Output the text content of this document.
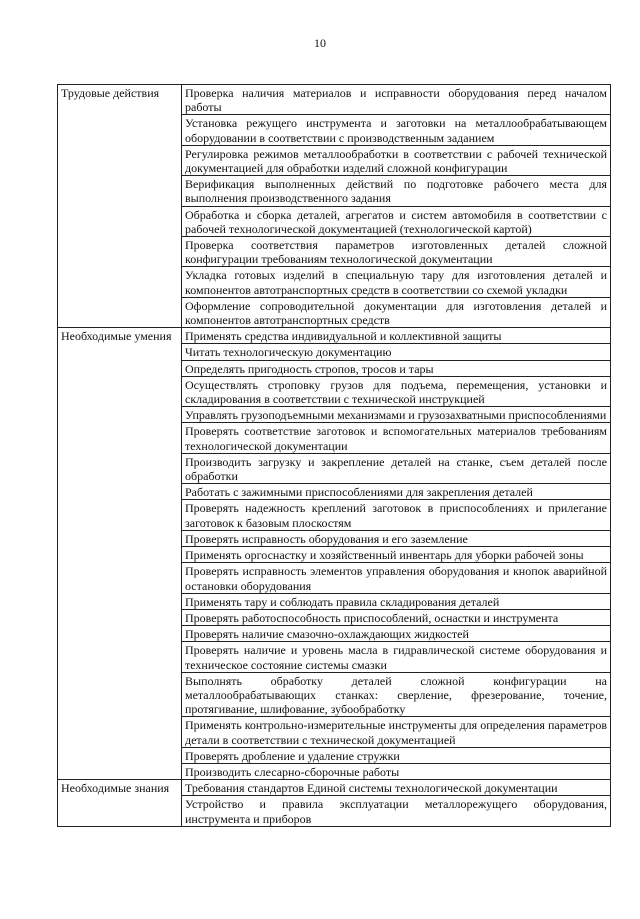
10
Трудовые действия	Проверка наличия материалов и исправности оборудования перед началом работы
	Установка режущего инструмента и заготовки на металлообрабатывающем оборудовании в соответствии с производственным заданием
	Регулировка режимов металлообработки в соответствии с рабочей технической документацией для обработки изделий сложной конфигурации
	Верификация выполненных действий по подготовке рабочего места для выполнения производственного задания
	Обработка и сборка деталей, агрегатов и систем автомобиля в соответствии с рабочей технологической документацией (технологической картой)
	Проверка соответствия параметров изготовленных деталей сложной конфигурации требованиям технологической документации
	Укладка готовых изделий в специальную тару для изготовления деталей и компонентов автотранспортных средств в соответствии со схемой укладки
	Оформление сопроводительной документации для изготовления деталей и компонентов автотранспортных средств
Необходимые умения	Применять средства индивидуальной и коллективной защиты
	Читать технологическую документацию
	Определять пригодность стропов, тросов и тары
	Осуществлять строповку грузов для подъема, перемещения, установки и складирования в соответствии с технической инструкцией
	Управлять грузоподъемными механизмами и грузозахватными приспособлениями
	Проверять соответствие заготовок и вспомогательных материалов требованиям технологической документации
	Производить загрузку и закрепление деталей на станке, съем деталей после обработки
	Работать с зажимными приспособлениями для закрепления деталей
	Проверять надежность креплений заготовок в приспособлениях и прилегание заготовок к базовым плоскостям
	Проверять исправность оборудования и его заземление
	Применять оргоснастку и хозяйственный инвентарь для уборки рабочей зоны
	Проверять исправность элементов управления оборудования и кнопок аварийной остановки оборудования
	Применять тару и соблюдать правила складирования деталей
	Проверять работоспособность приспособлений, оснастки и инструмента
	Проверять наличие смазочно-охлаждающих жидкостей
	Проверять наличие и уровень масла в гидравлической системе оборудования и техническое состояние системы смазки
	Выполнять обработку деталей сложной конфигурации на металлообрабатывающих станках: сверление, фрезерование, точение, протягивание, шлифование, зубообработку
	Применять контрольно-измерительные инструменты для определения параметров детали в соответствии с технической документацией
	Проверять дробление и удаление стружки
	Производить слесарно-сборочные работы
Необходимые знания	Требования стандартов Единой системы технологической документации
	Устройство и правила эксплуатации металлорежущего оборудования, инструмента и приборов
